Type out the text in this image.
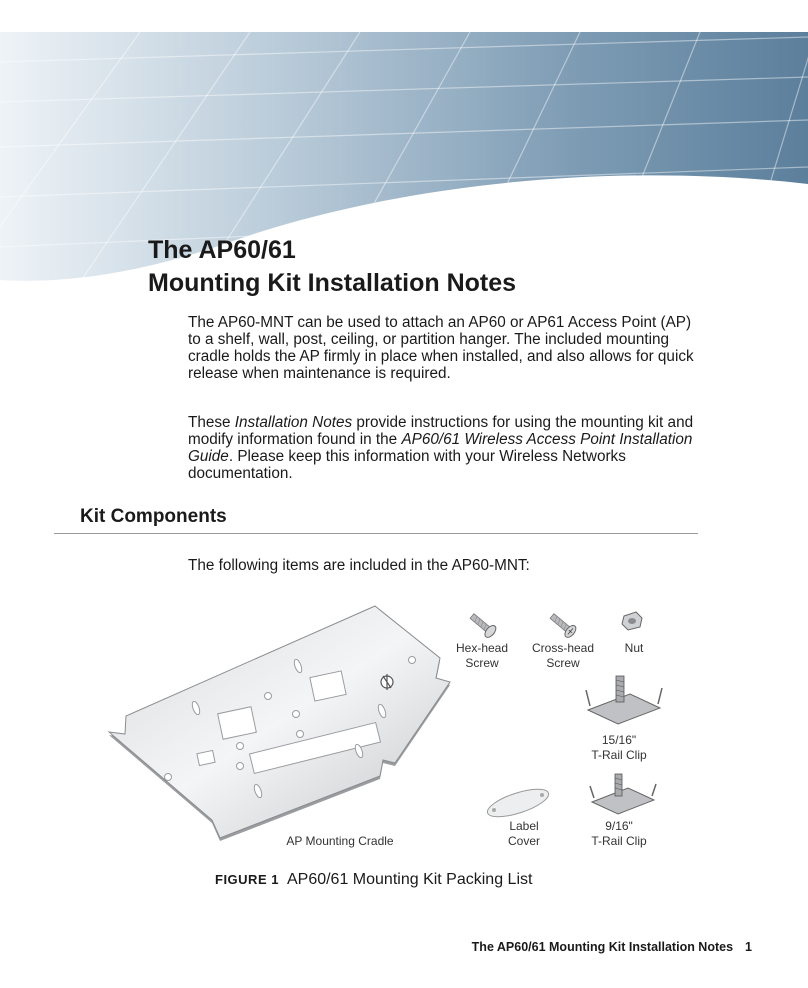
The AP60/61
Mounting Kit Installation Notes

The AP60-MNT can be used to attach an AP60 or AP61 Access Point (AP) to a shelf, wall, post, ceiling, or partition hanger. The included mounting cradle holds the AP firmly in place when installed, and also allows for quick release when maintenance is required.

These Installation Notes provide instructions for using the mounting kit and modify information found in the AP60/61 Wireless Access Point Installation Guide. Please keep this information with your Wireless Networks documentation.

Kit Components

The following items are included in the AP60-MNT:

Hex-head
Screw
Cross-head
Screw
Nut
15/16"
T-Rail Clip
Label
Cover
9/16"
T-Rail Clip
AP Mounting Cradle

FIGURE 1 AP60/61 Mounting Kit Packing List

The AP60/61 Mounting Kit Installation Notes 1
